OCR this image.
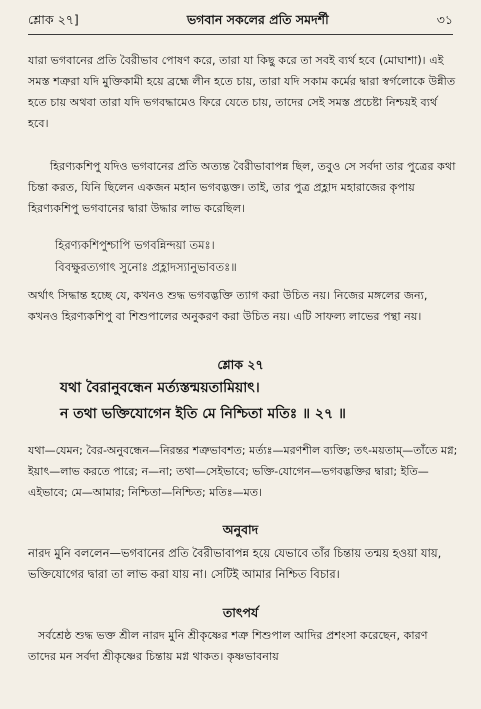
শ্লোক ২৭]	ভগবান সকলের প্রতি সমদর্শী	৩১
যারা ভগবানের প্রতি বৈরীভাব পোষণ করে, তারা যা কিছু করে তা সবই ব্যর্থ হবে (মোঘাশা)। এই সমস্ত শত্রুরা যদি মুক্তিকামী হয়ে ব্রহ্মে লীন হতে চায়, তারা যদি সকাম কর্মের দ্বারা স্বর্গলোকে উন্নীত হতে চায় অথবা তারা যদি ভগবদ্ধামেও ফিরে যেতে চায়, তাদের সেই সমস্ত প্রচেষ্টা নিশ্চয়ই ব্যর্থ হবে।
হিরণ্যকশিপু যদিও ভগবানের প্রতি অত্যন্ত বৈরীভাবাপন্ন ছিল, তবুও সে সর্বদা তার পুত্রের কথা চিন্তা করত, যিনি ছিলেন একজন মহান ভগবদ্ভক্ত। তাই, তার পুত্র প্রহ্লাদ মহারাজের কৃপায় হিরণ্যকশিপু ভগবানের দ্বারা উদ্ধার লাভ করেছিল।
হিরণ্যকশিপুশ্চাপি ভগবন্নিন্দয়া তমঃ।
বিবক্ষুরত্যগাৎ সুনোঃ প্রহ্লাদস্যানুভাবতঃ॥
অর্থাৎ সিদ্ধান্ত হচ্ছে যে, কখনও শুদ্ধ ভগবদ্ভক্তি ত্যাগ করা উচিত নয়। নিজের মঙ্গলের জন্য, কখনও হিরণ্যকশিপু বা শিশুপালের অনুকরণ করা উচিত নয়। এটি সাফল্য লাভের পন্থা নয়।
শ্লোক ২৭
যথা বৈরানুবন্ধেন মর্ত্যস্তন্ময়তামিয়াৎ।
ন তথা ভক্তিযোগেন ইতি মে নিশ্চিতা মতিঃ ॥ ২৭ ॥
যথা—যেমন; বৈর-অনুবন্ধেন—নিরন্তর শত্রুভাবশত; মর্ত্যঃ—মরণশীল ব্যক্তি; তৎ-ময়তাম্—তাঁতে মগ্ন; ইয়াৎ—লাভ করতে পারে; ন—না; তথা—সেইভাবে; ভক্তি-যোগেন—ভগবদ্ভক্তির দ্বারা; ইতি—এইভাবে; মে—আমার; নিশ্চিতা—নিশ্চিত; মতিঃ—মত।
অনুবাদ
নারদ মুনি বললেন—ভগবানের প্রতি বৈরীভাবাপন্ন হয়ে যেভাবে তাঁর চিন্তায় তন্ময় হওয়া যায়, ভক্তিযোগের দ্বারা তা লাভ করা যায় না। সেটিই আমার নিশ্চিত বিচার।
তাৎপর্য
সর্বশ্রেষ্ঠ শুদ্ধ ভক্ত শ্রীল নারদ মুনি শ্রীকৃষ্ণের শত্রু শিশুপাল আদির প্রশংসা করেছেন, কারণ তাদের মন সর্বদা শ্রীকৃষ্ণের চিন্তায় মগ্ন থাকত। কৃষ্ণভাবনায়
